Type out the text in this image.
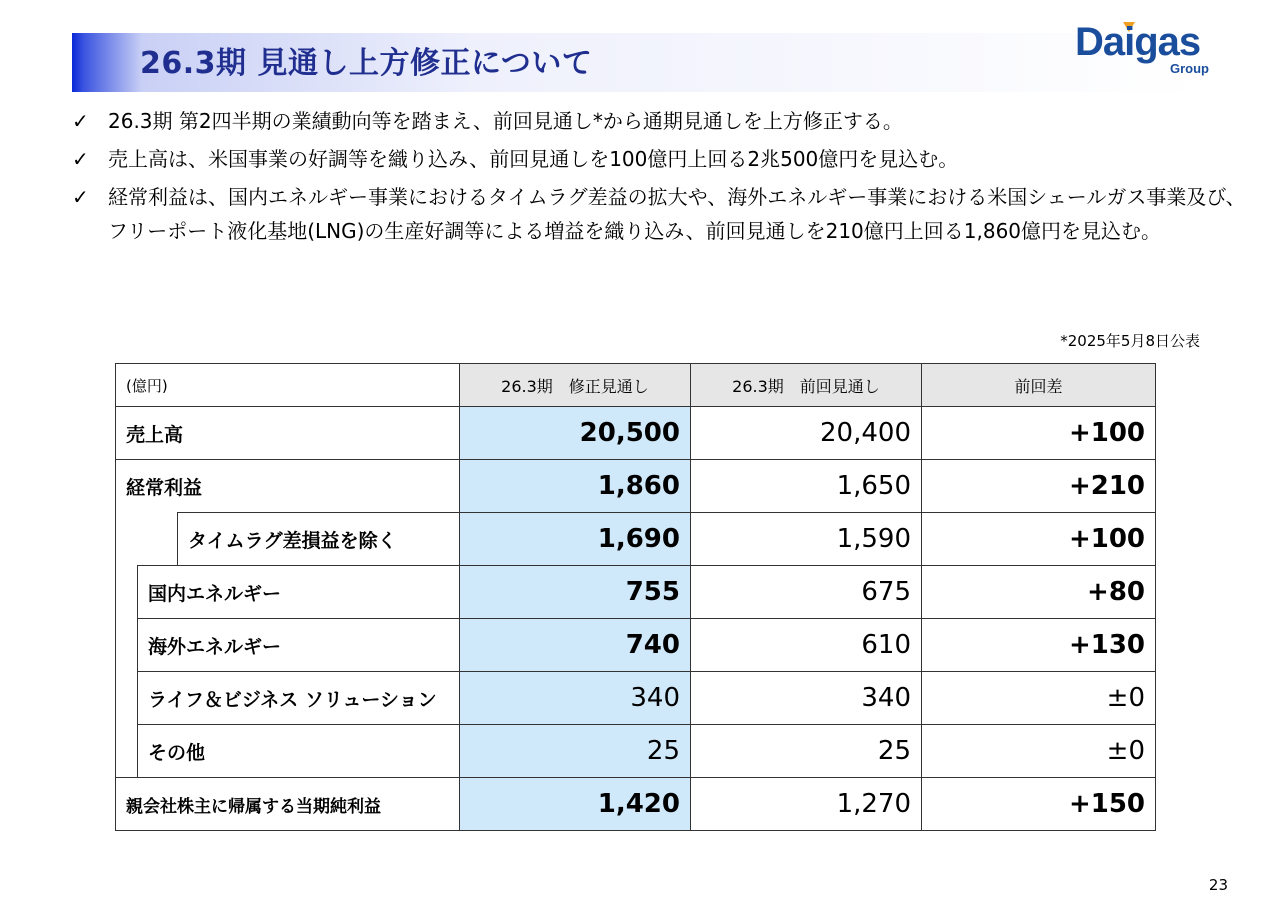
26.3期 見通し上方修正について	Daigas
Group
✓ 26.3期 第2四半期の業績動向等を踏まえ、前回見通し*から通期見通しを上方修正する。
✓ 売上高は、米国事業の好調等を織り込み、前回見通しを100億円上回る2兆500億円を見込む。
✓ 経常利益は、国内エネルギー事業におけるタイムラグ差益の拡大や、海外エネルギー事業における米国シェールガス事業及び、フリーポート液化基地(LNG)の生産好調等による増益を織り込み、前回見通しを210億円上回る1,860億円を見込む。
*2025年5月8日公表
(億円)			26.3期　修正見通し	26.3期　前回見通し	前回差
売上高			20,500	20,400	+100
経常利益			1,860	1,650	+210
		タイムラグ差損益を除く	1,690	1,590	+100
	国内エネルギー		755	675	+80
	海外エネルギー		740	610	+130
	ライフ＆ビジネス ソリューション		340	340	±0
	その他		25	25	±0
親会社株主に帰属する当期純利益			1,420	1,270	+150
23
